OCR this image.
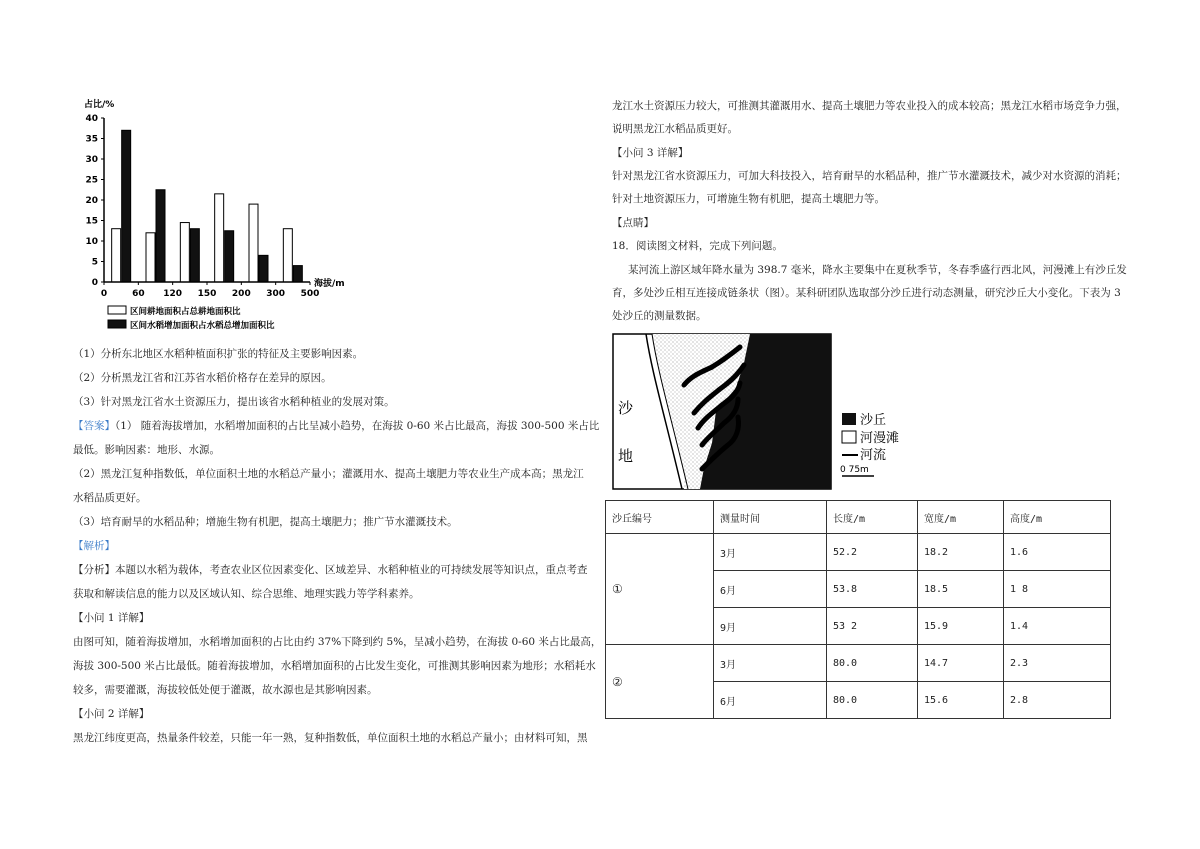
占比/%
海拔/m
0
5
10
15
20
25
30
35
40
0	60 120 150 200 300 500
区间耕地面积占总耕地面积比
区间水稻增加面积占水稻总增加面积比
（1）分析东北地区水稻种植面积扩张的特征及主要影响因素。
（2）分析黑龙江省和江苏省水稻价格存在差异的原因。
（3）针对黑龙江省水土资源压力，提出该省水稻种植业的发展对策。
【答案】（1） 随着海拔增加，水稻增加面积的占比呈减小趋势，在海拔 0-60 米占比最高，海拔 300-500 米占比
最低。影响因素：地形、水源。
（2）黑龙江复种指数低，单位面积土地的水稻总产量小；灌溉用水、提高土壤肥力等农业生产成本高；黑龙江
水稻品质更好。
（3）培育耐旱的水稻品种；增施生物有机肥，提高土壤肥力；推广节水灌溉技术。
【解析】
【分析】本题以水稻为载体，考查农业区位因素变化、区域差异、水稻种植业的可持续发展等知识点，重点考查
获取和解读信息的能力以及区域认知、综合思维、地理实践力等学科素养。
【小问 1 详解】
由图可知，随着海拔增加，水稻增加面积的占比由约 37%下降到约 5%，呈减小趋势，在海拔 0-60 米占比最高，
海拔 300-500 米占比最低。随着海拔增加，水稻增加面积的占比发生变化，可推测其影响因素为地形；水稻耗水
较多，需要灌溉，海拔较低处便于灌溉，故水源也是其影响因素。
【小问 2 详解】
黑龙江纬度更高，热量条件较差，只能一年一熟，复种指数低，单位面积土地的水稻总产量小；由材料可知，黑
龙江水土资源压力较大，可推测其灌溉用水、提高土壤肥力等农业投入的成本较高；黑龙江水稻市场竞争力强，
说明黑龙江水稻品质更好。
【小问 3 详解】
针对黑龙江省水资源压力，可加大科技投入，培育耐旱的水稻品种，推广节水灌溉技术，减少对水资源的消耗；
针对土地资源压力，可增施生物有机肥，提高土壤肥力等。
【点睛】
18．阅读图文材料，完成下列问题。
某河流上游区域年降水量为 398.7 毫米，降水主要集中在夏秋季节，冬春季盛行西北风，河漫滩上有沙丘发
育，多处沙丘相互连接成链条状（图）。某科研团队选取部分沙丘进行动态测量，研究沙丘大小变化。下表为 3
处沙丘的测量数据。
沙
地
沙丘
河漫滩
河流
0 75m
沙丘编号	测量时间	长度/m	宽度/m	高度/m
①	3月	52.2	18.2	1.6
	6月	53.8	18.5	1 8
	9月	53 2	15.9	1.4
②	3月	80.0	14.7	2.3
	6月	80.0	15.6	2.8
